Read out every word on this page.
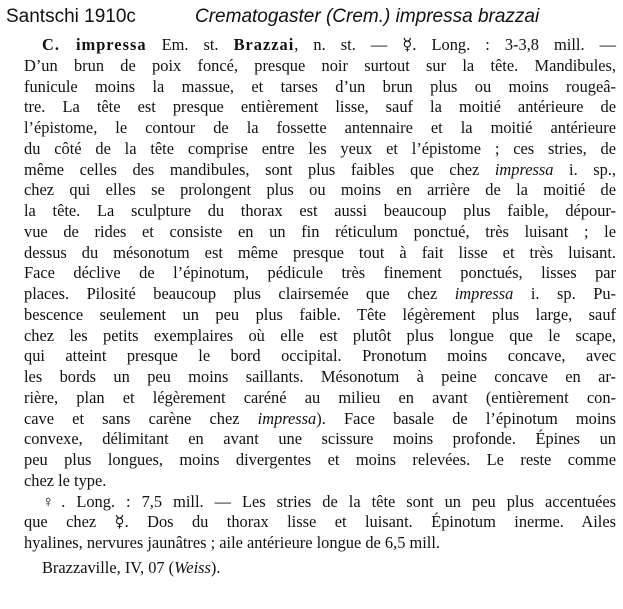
Santschi 1910c	Crematogaster (Crem.) impressa brazzai
C. impressa Em. st. Brazzai, n. st. — ☿. Long. : 3-3,8 mill. —
D’un brun de poix foncé, presque noir surtout sur la tête. Mandibules,
funicule moins la massue, et tarses d’un brun plus ou moins rougeâ-
tre. La tête est presque entièrement lisse, sauf la moitié antérieure de
l’épistome, le contour de la fossette antennaire et la moitié antérieure
du côté de la tête comprise entre les yeux et l’épistome ; ces stries, de
même celles des mandibules, sont plus faibles que chez impressa i. sp.,
chez qui elles se prolongent plus ou moins en arrière de la moitié de
la tête. La sculpture du thorax est aussi beaucoup plus faible, dépour-
vue de rides et consiste en un fin réticulum ponctué, très luisant ; le
dessus du mésonotum est même presque tout à fait lisse et très luisant.
Face déclive de l’épinotum, pédicule très finement ponctués, lisses par
places. Pilosité beaucoup plus clairsemée que chez impressa i. sp. Pu-
bescence seulement un peu plus faible. Tête légèrement plus large, sauf
chez les petits exemplaires où elle est plutôt plus longue que le scape,
qui atteint presque le bord occipital. Pronotum moins concave, avec
les bords un peu moins saillants. Mésonotum à peine concave en ar-
rière, plan et légèrement caréné au milieu en avant (entièrement con-
cave et sans carène chez impressa). Face basale de l’épinotum moins
convexe, délimitant en avant une scissure moins profonde. Épines un
peu plus longues, moins divergentes et moins relevées. Le reste comme
chez le type.
♀. Long. : 7,5 mill. — Les stries de la tête sont un peu plus accentuées
que chez ☿. Dos du thorax lisse et luisant. Épinotum inerme. Ailes
hyalines, nervures jaunâtres ; aile antérieure longue de 6,5 mill.
Brazzaville, IV, 07 (Weiss).
